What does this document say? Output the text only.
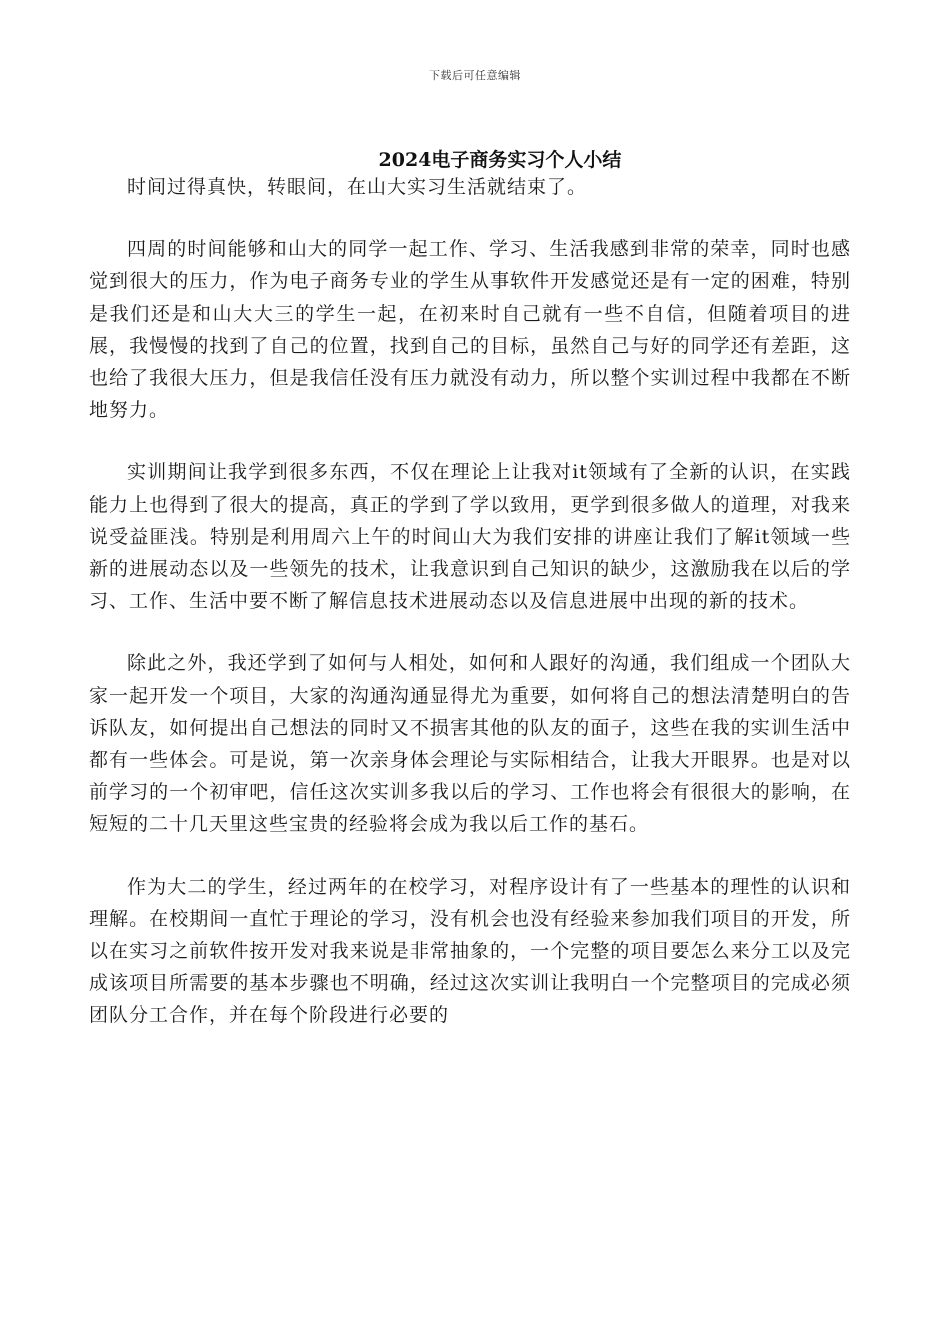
下载后可任意编辑
2024电子商务实习个人小结

时间过得真快，转眼间，在山大实习生活就结束了。

四周的时间能够和山大的同学一起工作、学习、生活我感到非常的荣幸，同时也感觉到很大的压力，作为电子商务专业的学生从事软件开发感觉还是有一定的困难，特别是我们还是和山大大三的学生一起，在初来时自己就有一些不自信，但随着项目的进展，我慢慢的找到了自己的位置，找到自己的目标，虽然自己与好的同学还有差距，这也给了我很大压力，但是我信任没有压力就没有动力，所以整个实训过程中我都在不断地努力。

实训期间让我学到很多东西，不仅在理论上让我对it领域有了全新的认识，在实践能力上也得到了很大的提高，真正的学到了学以致用，更学到很多做人的道理，对我来说受益匪浅。特别是利用周六上午的时间山大为我们安排的讲座让我们了解it领域一些新的进展动态以及一些领先的技术，让我意识到自己知识的缺少，这激励我在以后的学习、工作、生活中要不断了解信息技术进展动态以及信息进展中出现的新的技术。

除此之外，我还学到了如何与人相处，如何和人跟好的沟通，我们组成一个团队大家一起开发一个项目，大家的沟通沟通显得尤为重要，如何将自己的想法清楚明白的告诉队友，如何提出自己想法的同时又不损害其他的队友的面子，这些在我的实训生活中都有一些体会。可是说，第一次亲身体会理论与实际相结合，让我大开眼界。也是对以前学习的一个初审吧，信任这次实训多我以后的学习、工作也将会有很很大的影响，在短短的二十几天里这些宝贵的经验将会成为我以后工作的基石。

作为大二的学生，经过两年的在校学习，对程序设计有了一些基本的理性的认识和理解。在校期间一直忙于理论的学习，没有机会也没有经验来参加我们项目的开发，所以在实习之前软件按开发对我来说是非常抽象的，一个完整的项目要怎么来分工以及完成该项目所需要的基本步骤也不明确，经过这次实训让我明白一个完整项目的完成必须团队分工合作，并在每个阶段进行必要的
